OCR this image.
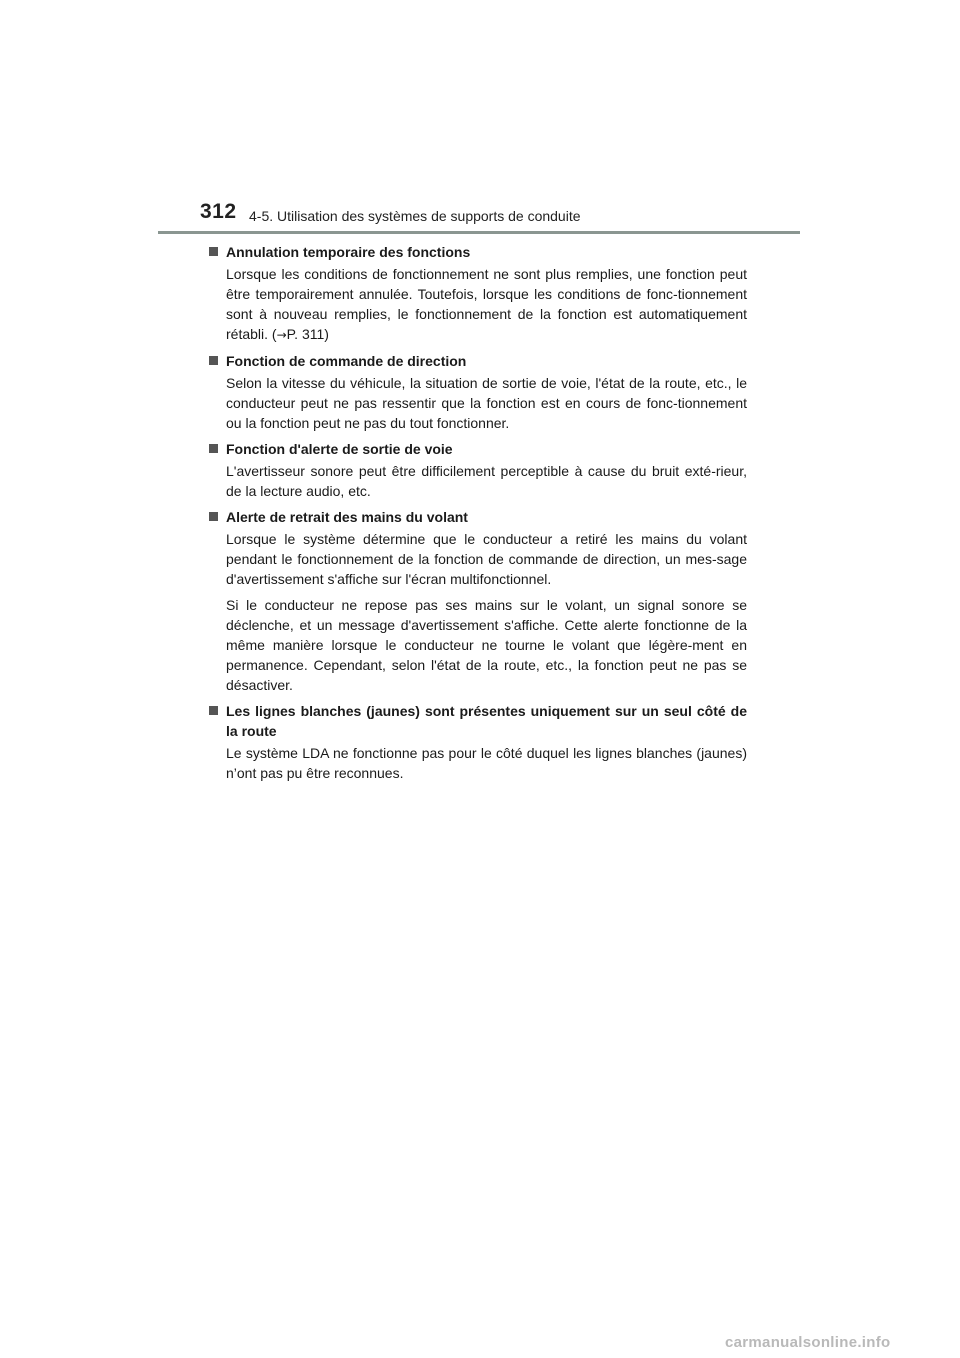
312 4-5. Utilisation des systèmes de supports de conduite
Annulation temporaire des fonctions

Lorsque les conditions de fonctionnement ne sont plus remplies, une fonction peut être temporairement annulée. Toutefois, lorsque les conditions de fonc-tionnement sont à nouveau remplies, le fonctionnement de la fonction est automatiquement rétabli. (→P. 311)

Fonction de commande de direction

Selon la vitesse du véhicule, la situation de sortie de voie, l'état de la route, etc., le conducteur peut ne pas ressentir que la fonction est en cours de fonc-tionnement ou la fonction peut ne pas du tout fonctionner.

Fonction d'alerte de sortie de voie

L'avertisseur sonore peut être difficilement perceptible à cause du bruit exté-rieur, de la lecture audio, etc.

Alerte de retrait des mains du volant

Lorsque le système détermine que le conducteur a retiré les mains du volant pendant le fonctionnement de la fonction de commande de direction, un mes-sage d'avertissement s'affiche sur l'écran multifonctionnel.

Si le conducteur ne repose pas ses mains sur le volant, un signal sonore se déclenche, et un message d'avertissement s'affiche. Cette alerte fonctionne de la même manière lorsque le conducteur ne tourne le volant que légère-ment en permanence. Cependant, selon l'état de la route, etc., la fonction peut ne pas se désactiver.

Les lignes blanches (jaunes) sont présentes uniquement sur un seul côté de la route

Le système LDA ne fonctionne pas pour le côté duquel les lignes blanches (jaunes) n’ont pas pu être reconnues.

carmanualsonline.info
